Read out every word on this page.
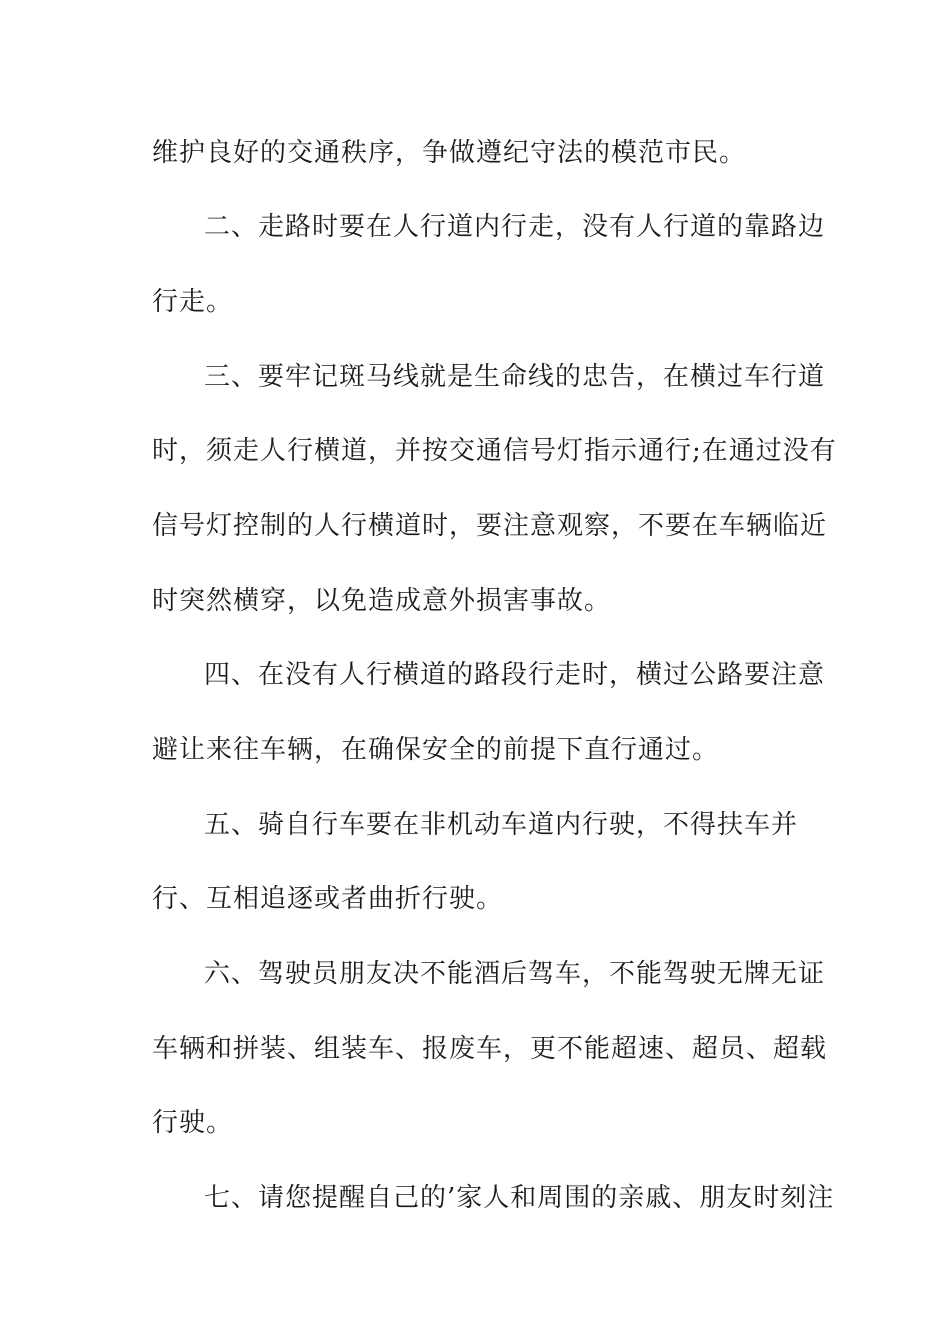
维护良好的交通秩序，争做遵纪守法的模范市民。
二、走路时要在人行道内行走，没有人行道的靠路边
行走。
三、要牢记斑马线就是生命线的忠告，在横过车行道
时，须走人行横道，并按交通信号灯指示通行;在通过没有
信号灯控制的人行横道时，要注意观察，不要在车辆临近
时突然横穿，以免造成意外损害事故。
四、在没有人行横道的路段行走时，横过公路要注意
避让来往车辆，在确保安全的前提下直行通过。
五、骑自行车要在非机动车道内行驶，不得扶车并
行、互相追逐或者曲折行驶。
六、驾驶员朋友决不能酒后驾车，不能驾驶无牌无证
车辆和拼装、组装车、报废车，更不能超速、超员、超载
行驶。
七、请您提醒自己的’家人和周围的亲戚、朋友时刻注
